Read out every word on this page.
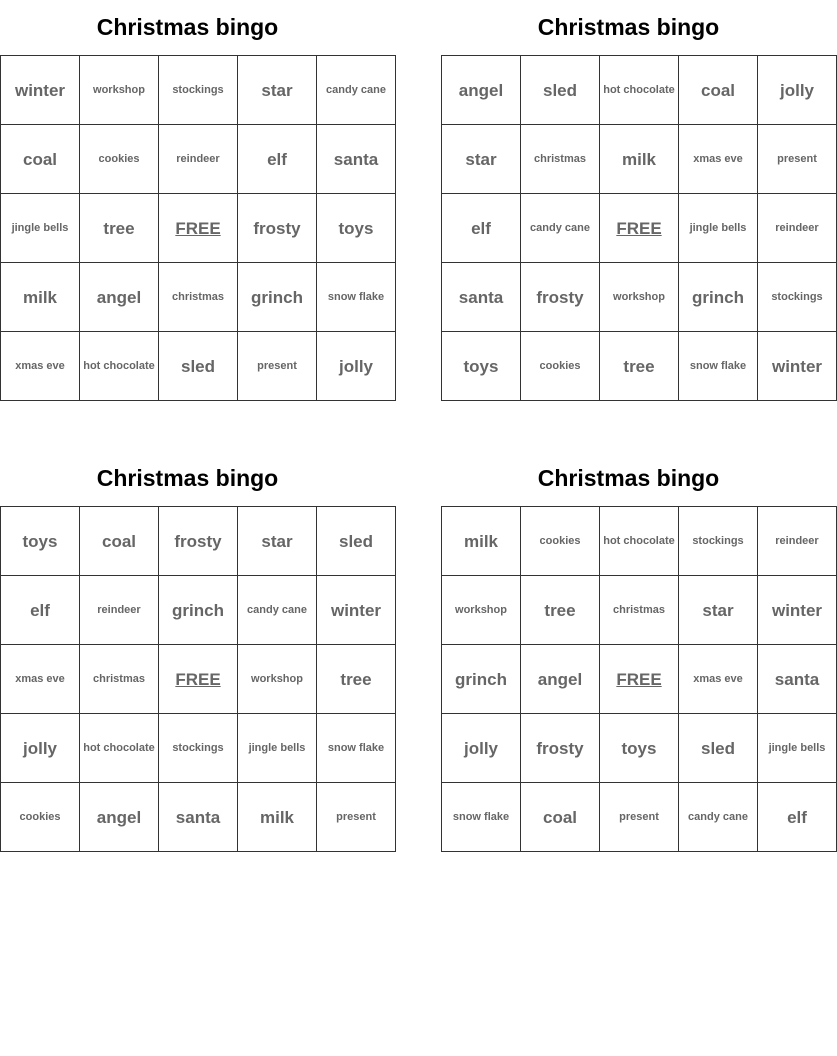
Christmas bingo
winter	workshop	stockings	star	candy cane
coal	cookies	reindeer	elf	santa
jingle bells	tree	FREE	frosty	toys
milk	angel	christmas	grinch	snow flake
xmas eve	hot chocolate	sled	present	jolly
Christmas bingo
angel	sled	hot chocolate	coal	jolly
star	christmas	milk	xmas eve	present
elf	candy cane	FREE	jingle bells	reindeer
santa	frosty	workshop	grinch	stockings
toys	cookies	tree	snow flake	winter
Christmas bingo
toys	coal	frosty	star	sled
elf	reindeer	grinch	candy cane	winter
xmas eve	christmas	FREE	workshop	tree
jolly	hot chocolate	stockings	jingle bells	snow flake
cookies	angel	santa	milk	present
Christmas bingo
milk	cookies	hot chocolate	stockings	reindeer
workshop	tree	christmas	star	winter
grinch	angel	FREE	xmas eve	santa
jolly	frosty	toys	sled	jingle bells
snow flake	coal	present	candy cane	elf
